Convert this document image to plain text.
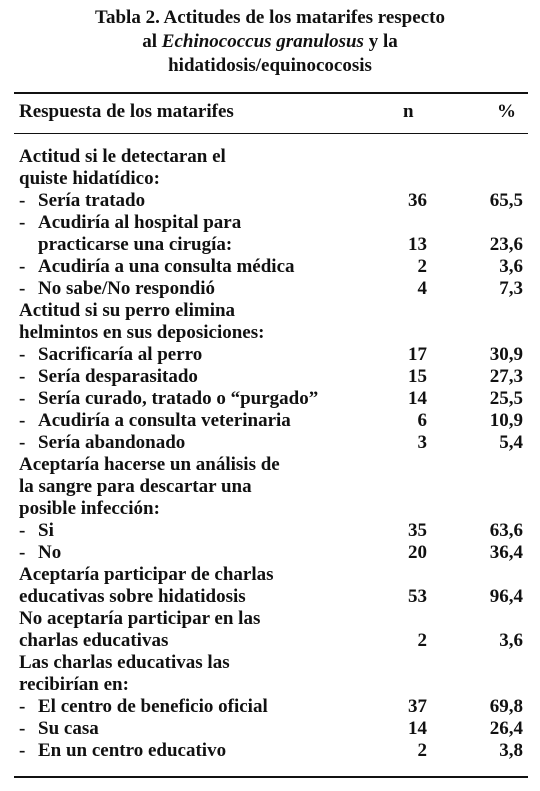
Tabla 2. Actitudes de los matarifes respecto
al Echinococcus granulosus y la
hidatidosis/equinococosis
Respuesta de los matarifes	n	%
Actitud si le detectaran el
quiste hidatídico:
- Sería tratado	36	65,5
- Acudiría al hospital para
practicarse una cirugía:	13	23,6
- Acudiría a una consulta médica	2	3,6
- No sabe/No respondió	4	7,3
Actitud si su perro elimina
helmintos en sus deposiciones:
- Sacrificaría al perro	17	30,9
- Sería desparasitado	15	27,3
- Sería curado, tratado o “purgado”	14	25,5
- Acudiría a consulta veterinaria	6	10,9
- Sería abandonado	3	5,4
Aceptaría hacerse un análisis de
la sangre para descartar una
posible infección:
- Si	35	63,6
- No	20	36,4
Aceptaría participar de charlas
educativas sobre hidatidosis	53	96,4
No aceptaría participar en las
charlas educativas	2	3,6
Las charlas educativas las
recibirían en:
- El centro de beneficio oficial	37	69,8
- Su casa	14	26,4
- En un centro educativo	2	3,8
